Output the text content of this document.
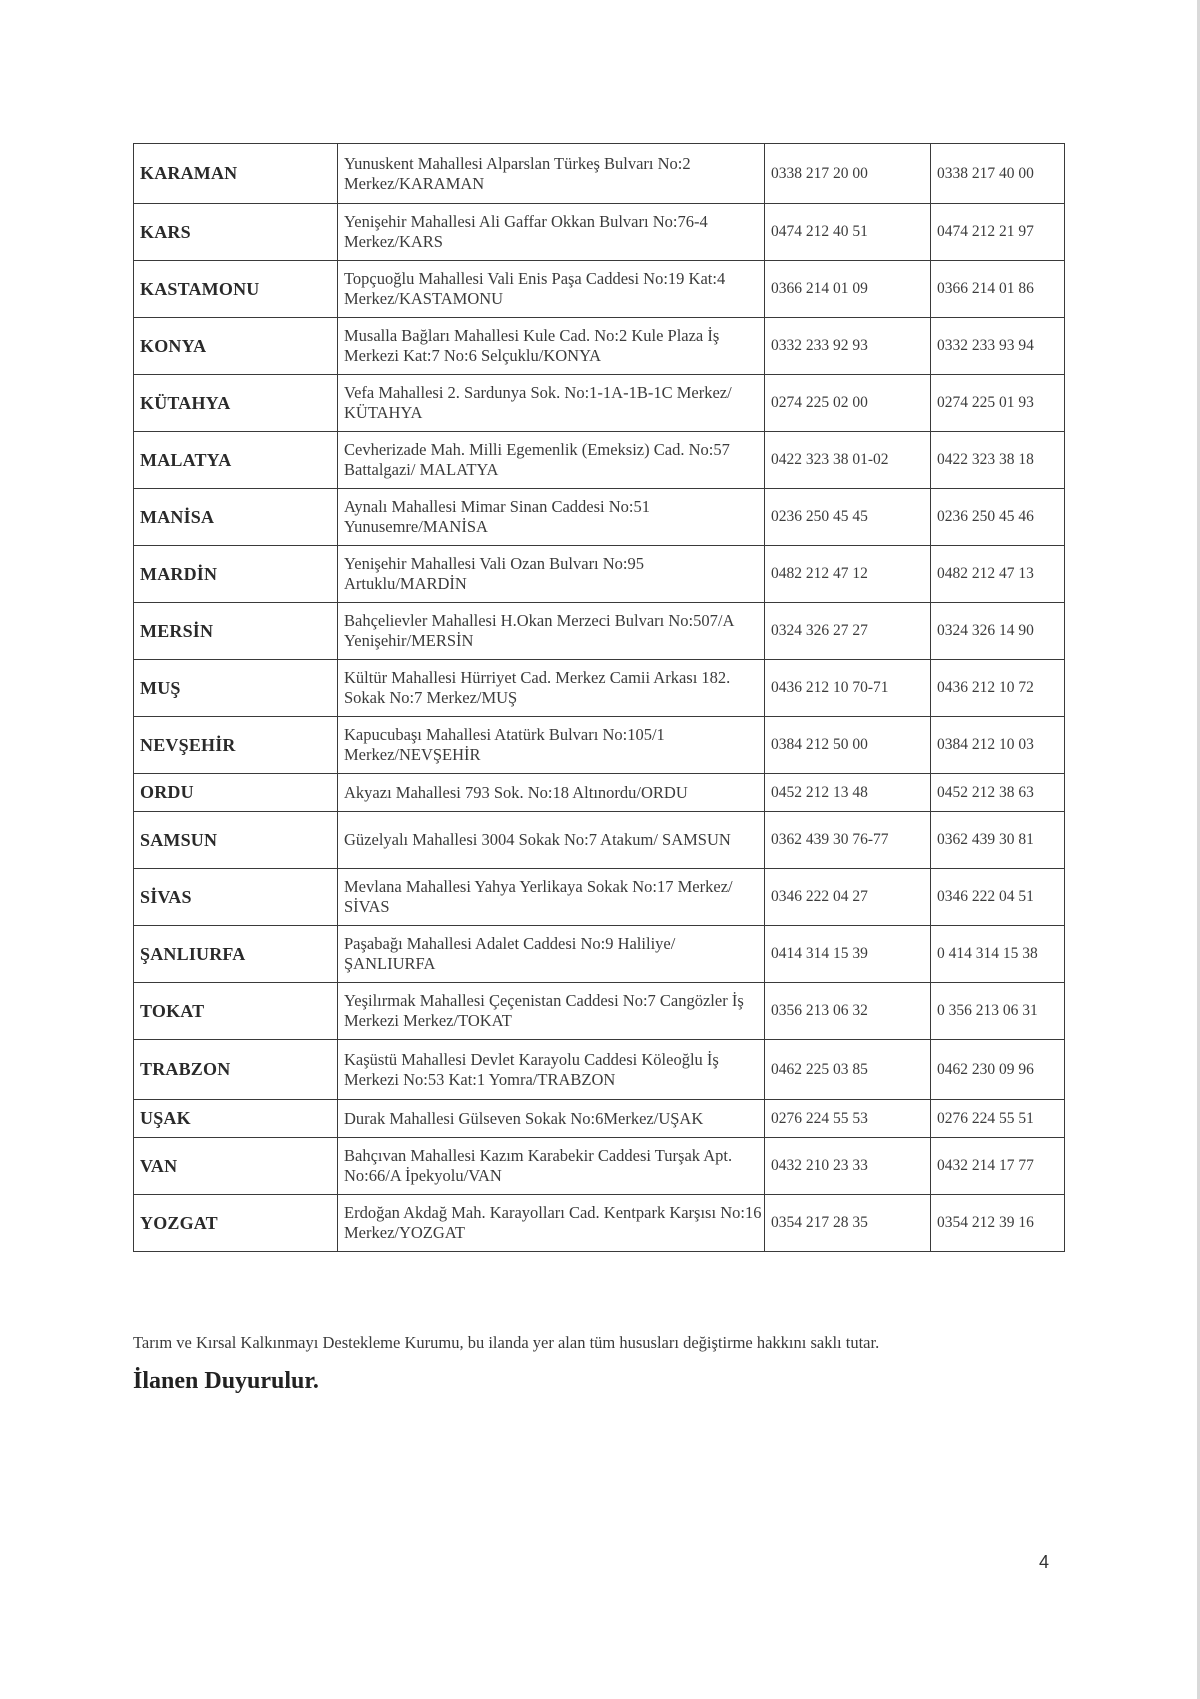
KARAMAN	Yunuskent Mahallesi Alparslan Türkeş Bulvarı No:2 Merkez/KARAMAN	0338 217 20 00	0338 217 40 00
KARS	Yenişehir Mahallesi Ali Gaffar Okkan Bulvarı No:76-4 Merkez/KARS	0474 212 40 51	0474 212 21 97
KASTAMONU	Topçuoğlu Mahallesi Vali Enis Paşa Caddesi No:19 Kat:4 Merkez/KASTAMONU	0366 214 01 09	0366 214 01 86
KONYA	Musalla Bağları Mahallesi Kule Cad. No:2 Kule Plaza İş Merkezi Kat:7 No:6 Selçuklu/KONYA	0332 233 92 93	0332 233 93 94
KÜTAHYA	Vefa Mahallesi 2. Sardunya Sok. No:1-1A-1B-1C Merkez/ KÜTAHYA	0274 225 02 00	0274 225 01 93
MALATYA	Cevherizade Mah. Milli Egemenlik (Emeksiz) Cad. No:57 Battalgazi/ MALATYA	0422 323 38 01-02	0422 323 38 18
MANİSA	Aynalı Mahallesi Mimar Sinan Caddesi No:51 Yunusemre/MANİSA	0236 250 45 45	0236 250 45 46
MARDİN	Yenişehir Mahallesi Vali Ozan Bulvarı No:95 Artuklu/MARDİN	0482 212 47 12	0482 212 47 13
MERSİN	Bahçelievler Mahallesi H.Okan Merzeci Bulvarı No:507/A Yenişehir/MERSİN	0324 326 27 27	0324 326 14 90
MUŞ	Kültür Mahallesi Hürriyet Cad. Merkez Camii Arkası 182. Sokak No:7 Merkez/MUŞ	0436 212 10 70-71	0436 212 10 72
NEVŞEHİR	Kapucubaşı Mahallesi Atatürk Bulvarı No:105/1 Merkez/NEVŞEHİR	0384 212 50 00	0384 212 10 03
ORDU	Akyazı Mahallesi 793 Sok. No:18 Altınordu/ORDU	0452 212 13 48	0452 212 38 63
SAMSUN	Güzelyalı Mahallesi 3004 Sokak No:7 Atakum/ SAMSUN	0362 439 30 76-77	0362 439 30 81
SİVAS	Mevlana Mahallesi Yahya Yerlikaya Sokak No:17 Merkez/ SİVAS	0346 222 04 27	0346 222 04 51
ŞANLIURFA	Paşabağı Mahallesi Adalet Caddesi No:9 Haliliye/ ŞANLIURFA	0414 314 15 39	0 414 314 15 38
TOKAT	Yeşilırmak Mahallesi Çeçenistan Caddesi No:7 Cangözler İş Merkezi Merkez/TOKAT	0356 213 06 32	0 356 213 06 31
TRABZON	Kaşüstü Mahallesi Devlet Karayolu Caddesi Köleoğlu İş Merkezi No:53 Kat:1 Yomra/TRABZON	0462 225 03 85	0462 230 09 96
UŞAK	Durak Mahallesi Gülseven Sokak No:6Merkez/UŞAK	0276 224 55 53	0276 224 55 51
VAN	Bahçıvan Mahallesi Kazım Karabekir Caddesi Turşak Apt. No:66/A İpekyolu/VAN	0432 210 23 33	0432 214 17 77
YOZGAT	Erdoğan Akdağ Mah. Karayolları Cad. Kentpark Karşısı No:16 Merkez/YOZGAT	0354 217 28 35	0354 212 39 16
Tarım ve Kırsal Kalkınmayı Destekleme Kurumu, bu ilanda yer alan tüm hususları değiştirme hakkını saklı tutar.
İlanen Duyurulur.
4
